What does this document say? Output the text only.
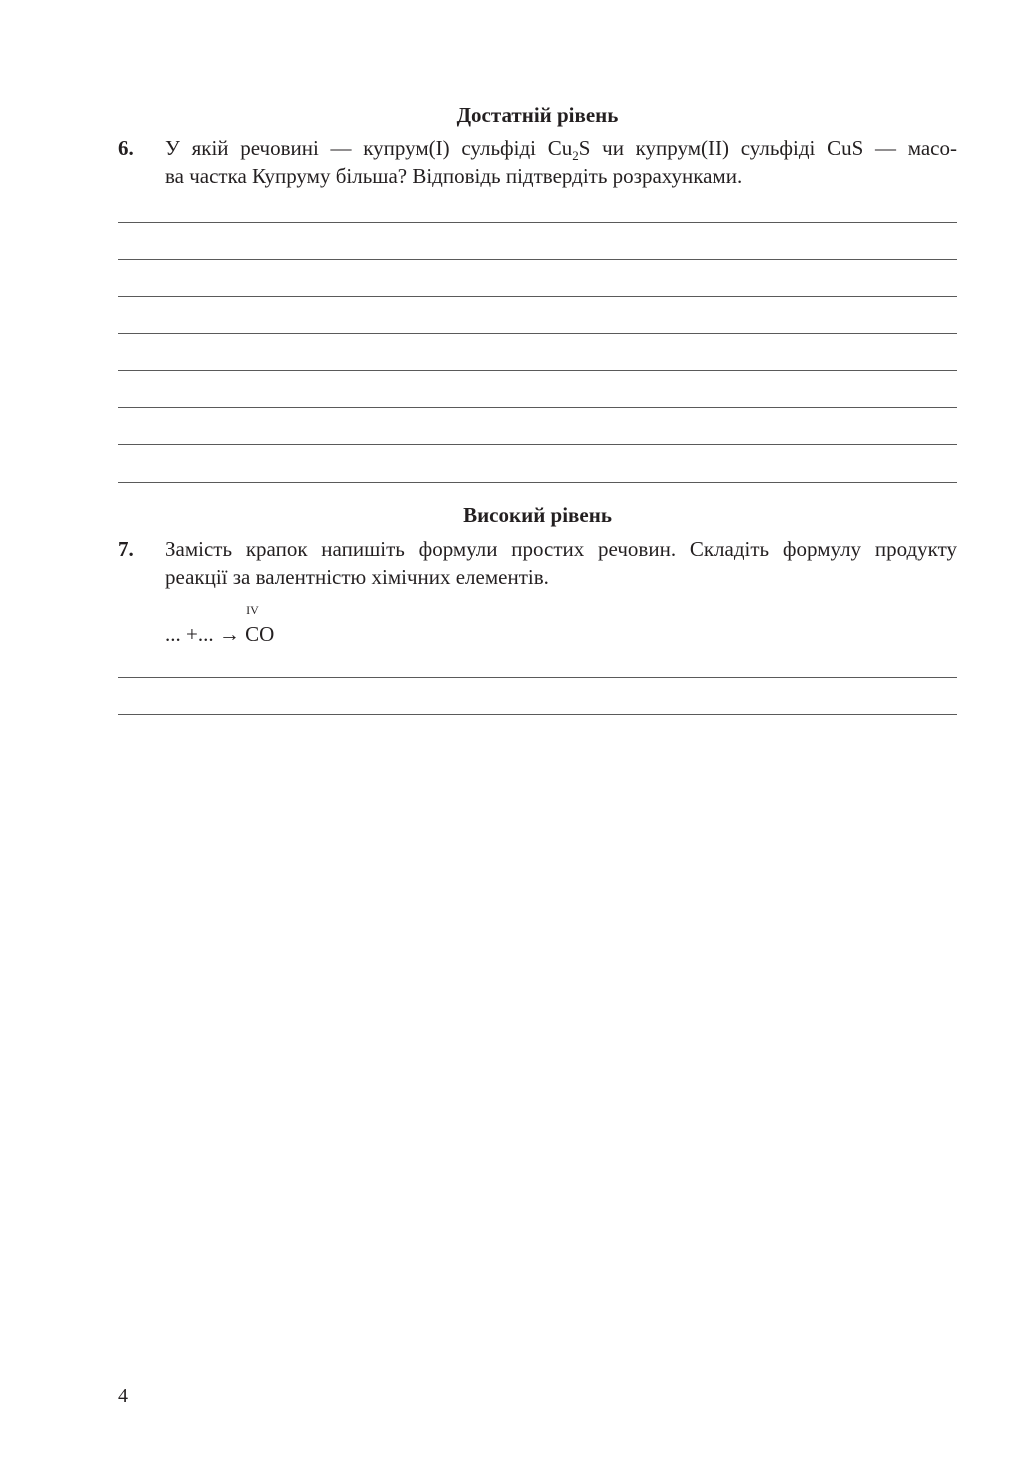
Достатній рівень
6. У якій речовині — купрум(І) сульфіді $Cu_2S$ чи купрум(ІІ) сульфіді CuS — масо-
ва частка Купруму більша? Відповідь підтвердіть розрахунками.
Високий рівень
7. Замість крапок напишіть формули простих речовин. Складіть формулу продукту
реакції за валентністю хімічних елементів.
... +... →
IV
CO
4
